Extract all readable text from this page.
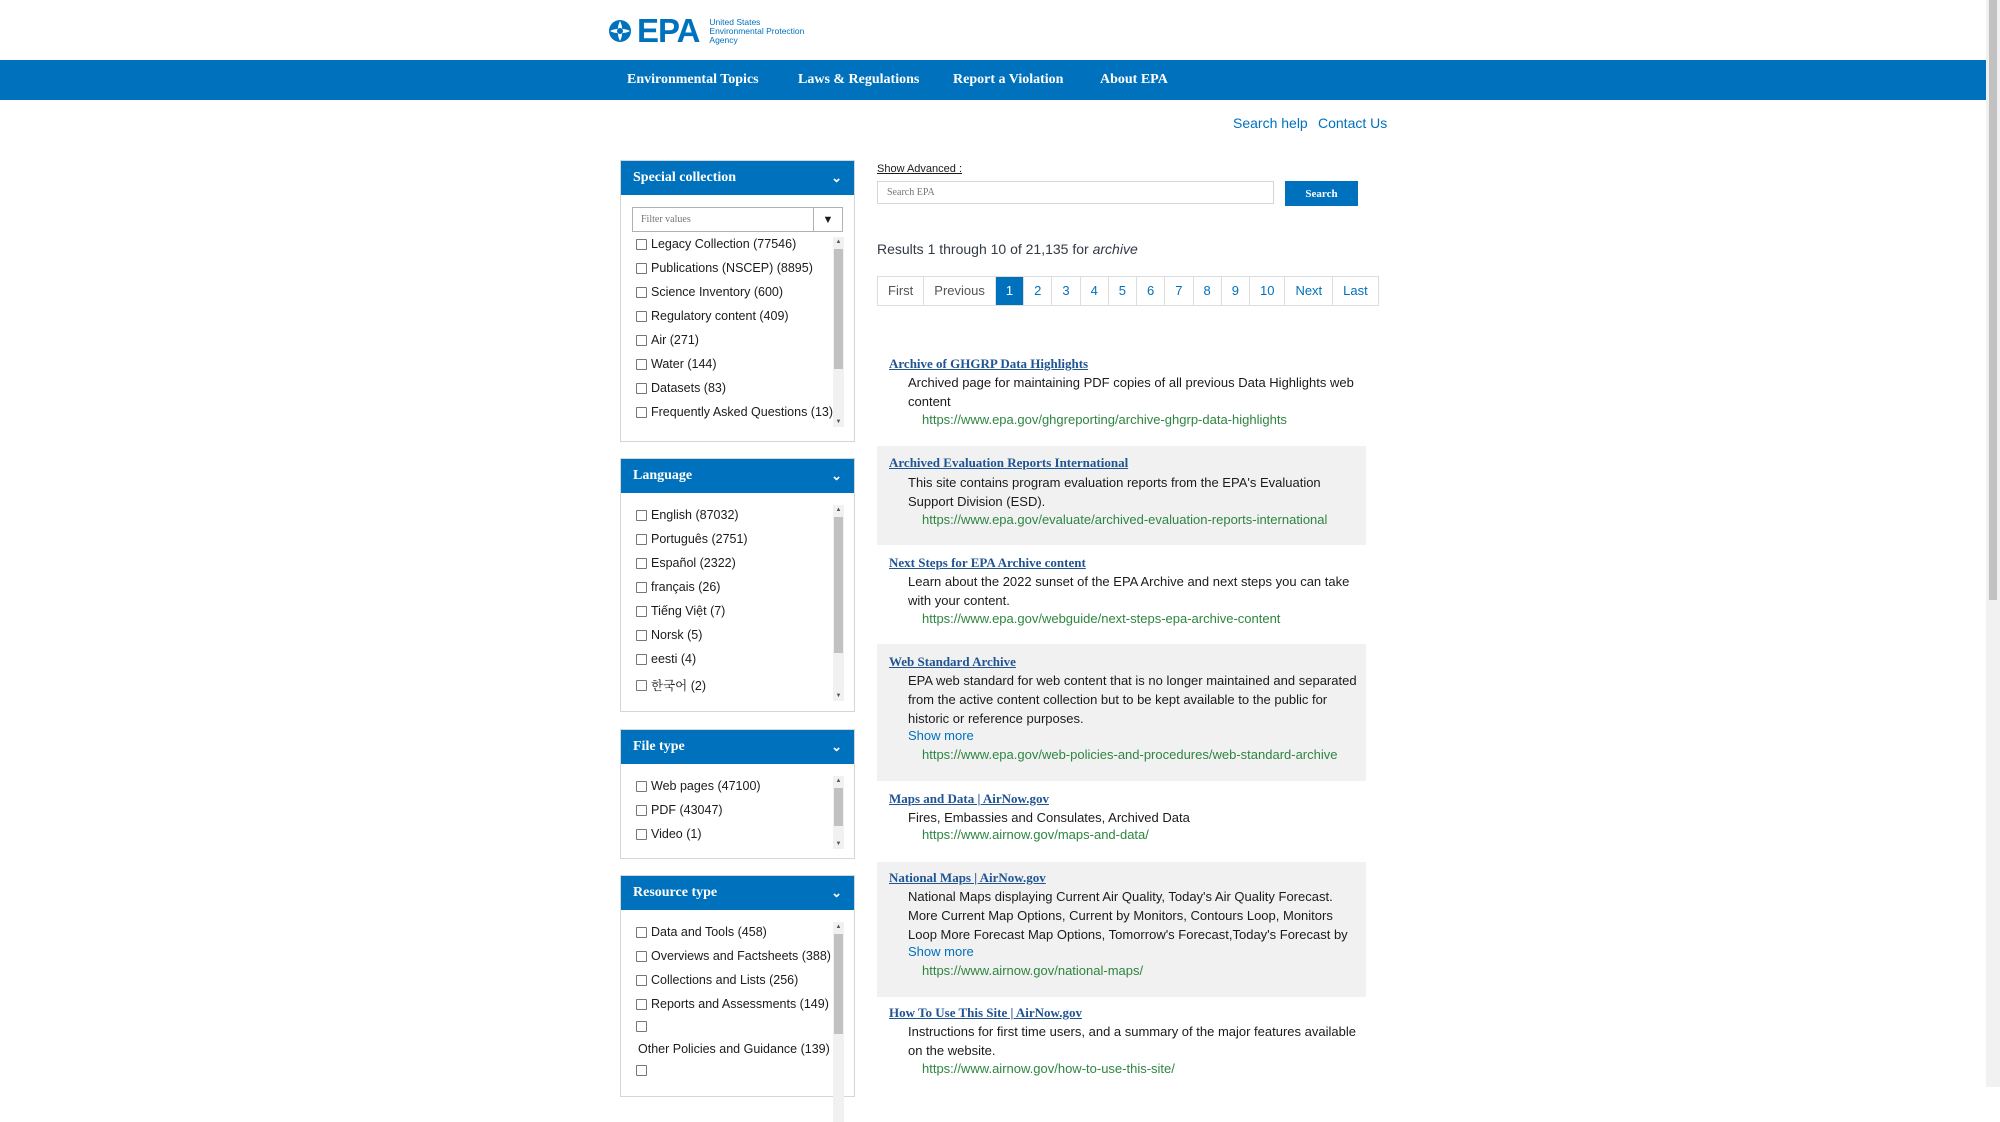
EPA United States
Environmental Protection
Agency
Environmental Topics	Laws & Regulations Report a Violation	About EPA
Search help Contact Us
Special collection	⌄
Filter values
▼
Legacy Collection (77546)
Publications (NSCEP) (8895)
Science Inventory (600)
Regulatory content (409)
Air (271)
Water (144)
Datasets (83)
Frequently Asked Questions (13)
▲
▼
Language	⌄
English (87032)
Português (2751)
Español (2322)
français (26)
Tiếng Việt (7)
Norsk (5)
eesti (4)
한국어 (2)
▲
▼
File type	⌄
Web pages (47100)
PDF (43047)
Video (1)
▲
▼
Resource type	⌄
Data and Tools (458)
Overviews and Factsheets (388)
Collections and Lists (256)
Reports and Assessments (149)
Other Policies and Guidance (139)
▲
Show Advanced :
Search EPA
Search
Results 1 through 10 of 21,135 for archive
First	Previous	1	2	3	4	5	6	7	8	9	10	Next	Last
Archive of GHGRP Data Highlights
Archived page for maintaining PDF copies of all previous Data Highlights web content
https://www.epa.gov/ghgreporting/archive-ghgrp-data-highlights
Archived Evaluation Reports International
This site contains program evaluation reports from the EPA's Evaluation Support Division (ESD).
https://www.epa.gov/evaluate/archived-evaluation-reports-international
Next Steps for EPA Archive content
Learn about the 2022 sunset of the EPA Archive and next steps you can take with your content.
https://www.epa.gov/webguide/next-steps-epa-archive-content
Web Standard Archive
EPA web standard for web content that is no longer maintained and separated from the active content collection but to be kept available to the public for historic or reference purposes.
Show more
https://www.epa.gov/web-policies-and-procedures/web-standard-archive
Maps and Data | AirNow.gov
Fires, Embassies and Consulates, Archived Data
https://www.airnow.gov/maps-and-data/
National Maps | AirNow.gov
National Maps displaying Current Air Quality, Today's Air Quality Forecast. More Current Map Options, Current by Monitors, Contours Loop, Monitors Loop More Forecast Map Options, Tomorrow's Forecast,Today's Forecast by
Show more
https://www.airnow.gov/national-maps/
How To Use This Site | AirNow.gov
Instructions for first time users, and a summary of the major features available on the website.
https://www.airnow.gov/how-to-use-this-site/
